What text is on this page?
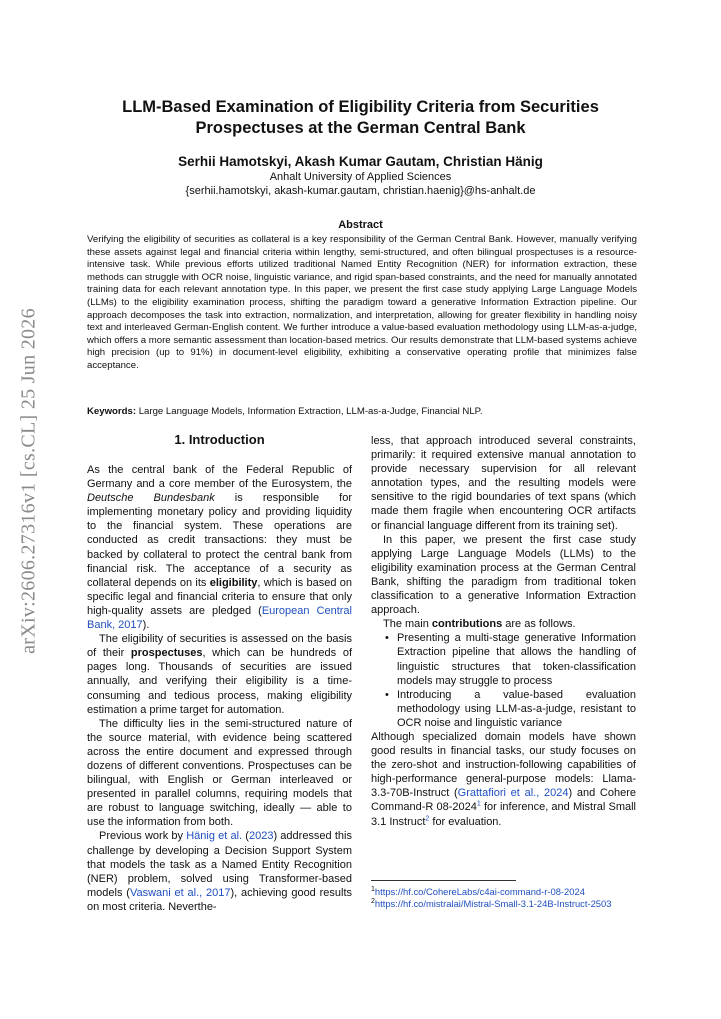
arXiv:2606.27316v1 [cs.CL] 25 Jun 2026
LLM-Based Examination of Eligibility Criteria from Securities
Prospectuses at the German Central Bank
Serhii Hamotskyi, Akash Kumar Gautam, Christian Hänig
Anhalt University of Applied Sciences
{serhii.hamotskyi, akash-kumar.gautam, christian.haenig}@hs-anhalt.de
Abstract
Verifying the eligibility of securities as collateral is a key responsibility of the German Central Bank. However, manually verifying these assets against legal and financial criteria within lengthy, semi-structured, and often bilingual prospectuses is a resource-intensive task. While previous efforts utilized traditional Named Entity Recognition (NER) for information extraction, these methods can struggle with OCR noise, linguistic variance, and rigid span-based constraints, and the need for manually annotated training data for each relevant annotation type. In this paper, we present the first case study applying Large Language Models (LLMs) to the eligibility examination process, shifting the paradigm toward a generative Information Extraction pipeline. Our approach decomposes the task into extraction, normalization, and interpretation, allowing for greater flexibility in handling noisy text and interleaved German-English content. We further introduce a value-based evaluation methodology using LLM-as-a-judge, which offers a more semantic assessment than location-based metrics. Our results demonstrate that LLM-based systems achieve high precision (up to 91%) in document-level eligibility, exhibiting a conservative operating profile that minimizes false acceptance.
Keywords: Large Language Models, Information Extraction, LLM-as-a-Judge, Financial NLP.
1. Introduction

As the central bank of the Federal Republic of Germany and a core member of the Eurosystem, the Deutsche Bundesbank is responsible for implementing monetary policy and providing liquidity to the financial system. These operations are conducted as credit transactions: they must be backed by collateral to protect the central bank from financial risk. The acceptance of a security as collateral depends on its eligibility, which is based on specific legal and financial criteria to ensure that only high-quality assets are pledged (European Central Bank, 2017).

The eligibility of securities is assessed on the basis of their prospectuses, which can be hundreds of pages long. Thousands of securities are issued annually, and verifying their eligibility is a time-consuming and tedious process, making eligibility estimation a prime target for automation.

The difficulty lies in the semi-structured nature of the source material, with evidence being scattered across the entire document and expressed through dozens of different conventions. Prospectuses can be bilingual, with English or German interleaved or presented in parallel columns, requiring models that are robust to language switching, ideally — able to use the information from both.

Previous work by Hänig et al. (2023) addressed this challenge by developing a Decision Support System that models the task as a Named Entity Recognition (NER) problem, solved using Transformer-based models (Vaswani et al., 2017), achieving good results on most criteria. Neverthe-

less, that approach introduced several constraints, primarily: it required extensive manual annotation to provide necessary supervision for all relevant annotation types, and the resulting models were sensitive to the rigid boundaries of text spans (which made them fragile when encountering OCR artifacts or financial language different from its training set).

In this paper, we present the first case study applying Large Language Models (LLMs) to the eligibility examination process at the German Central Bank, shifting the paradigm from traditional token classification to a generative Information Extraction approach.

The main contributions are as follows.

• Presenting a multi-stage generative Information Extraction pipeline that allows the handling of linguistic structures that token-classification models may struggle to process
• Introducing a value-based evaluation methodology using LLM-as-a-judge, resistant to OCR noise and linguistic variance

Although specialized domain models have shown good results in financial tasks, our study focuses on the zero-shot and instruction-following capabilities of high-performance general-purpose models: Llama-3.3-70B-Instruct (Grattafiori et al., 2024) and Cohere Command-R 08-2024$^1$ for inference, and Mistral Small 3.1 Instruct$^2$ for evaluation.

$^1$https://hf.co/CohereLabs/c4ai-command-r-08-2024
$^2$https://hf.co/mistralai/Mistral-Small-3.1-24B-Instruct-2503
